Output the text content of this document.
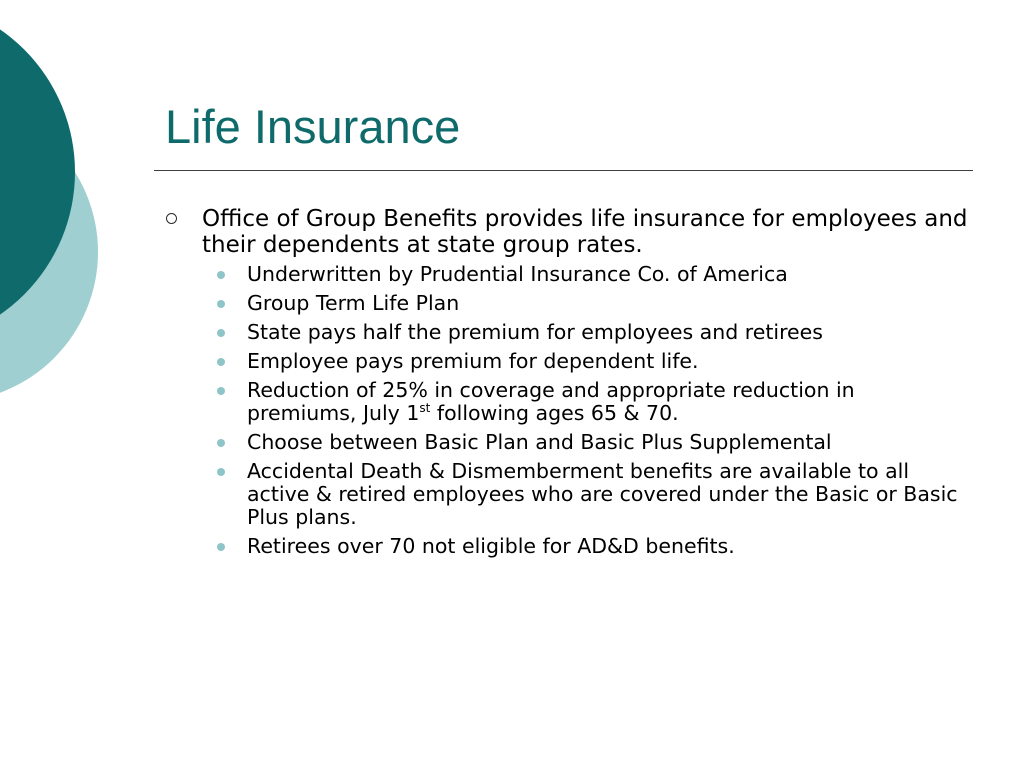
Life Insurance
Office of Group Benefits provides life insurance for employees and their dependents at state group rates.
Underwritten by Prudential Insurance Co. of America
Group Term Life Plan
State pays half the premium for employees and retirees
Employee pays premium for dependent life.
Reduction of 25% in coverage and appropriate reduction in premiums, July 1st following ages 65 & 70.
Choose between Basic Plan and Basic Plus Supplemental
Accidental Death & Dismemberment benefits are available to all active & retired employees who are covered under the Basic or Basic Plus plans.
Retirees over 70 not eligible for AD&D benefits.
